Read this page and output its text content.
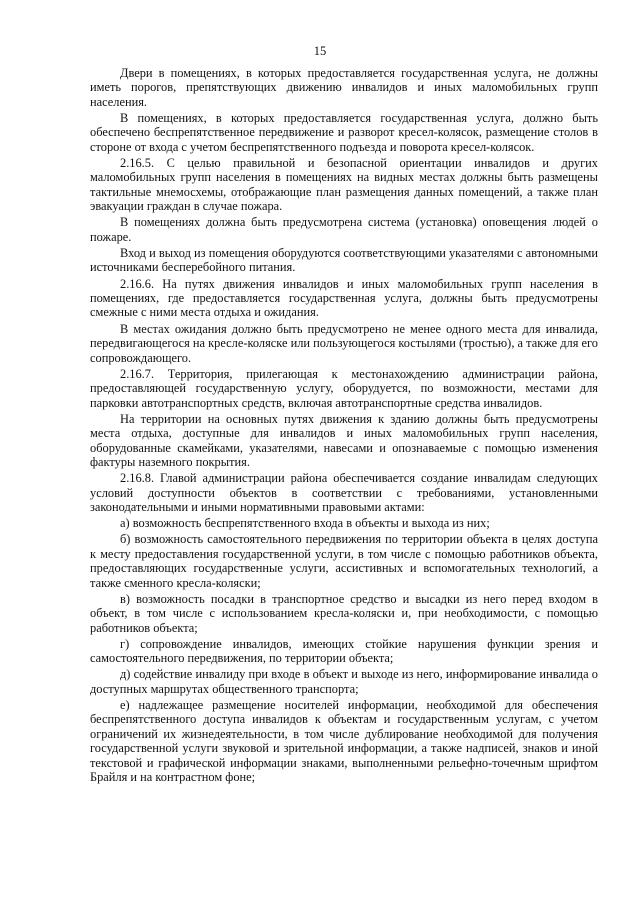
15

Двери в помещениях, в которых предоставляется государственная услуга, не должны иметь порогов, препятствующих движению инвалидов и иных маломобильных групп населения.

В помещениях, в которых предоставляется государственная услуга, должно быть обеспечено беспрепятственное передвижение и разворот кресел-колясок, размещение столов в стороне от входа с учетом беспрепятственного подъезда и поворота кресел-колясок.

2.16.5. С целью правильной и безопасной ориентации инвалидов и других маломобильных групп населения в помещениях на видных местах должны быть размещены тактильные мнемосхемы, отображающие план размещения данных помещений, а также план эвакуации граждан в случае пожара.

В помещениях должна быть предусмотрена система (установка) оповещения людей о пожаре.

Вход и выход из помещения оборудуются соответствующими указателями с автономными источниками бесперебойного питания.

2.16.6. На путях движения инвалидов и иных маломобильных групп населения в помещениях, где предоставляется государственная услуга, должны быть предусмотрены смежные с ними места отдыха и ожидания.

В местах ожидания должно быть предусмотрено не менее одного места для инвалида, передвигающегося на кресле-коляске или пользующегося костылями (тростью), а также для его сопровождающего.

2.16.7. Территория, прилегающая к местонахождению администрации района, предоставляющей государственную услугу, оборудуется, по возможности, местами для парковки автотранспортных средств, включая автотранспортные средства инвалидов.

На территории на основных путях движения к зданию должны быть предусмотрены места отдыха, доступные для инвалидов и иных маломобильных групп населения, оборудованные скамейками, указателями, навесами и опознаваемые с помощью изменения фактуры наземного покрытия.

2.16.8. Главой администрации района обеспечивается создание инвалидам следующих условий доступности объектов в соответствии с требованиями, установленными законодательными и иными нормативными правовыми актами:

а) возможность беспрепятственного входа в объекты и выхода из них;

б) возможность самостоятельного передвижения по территории объекта в целях доступа к месту предоставления государственной услуги, в том числе с помощью работников объекта, предоставляющих государственные услуги, ассистивных и вспомогательных технологий, а также сменного кресла-коляски;

в) возможность посадки в транспортное средство и высадки из него перед входом в объект, в том числе с использованием кресла-коляски и, при необходимости, с помощью работников объекта;

г) сопровождение инвалидов, имеющих стойкие нарушения функции зрения и самостоятельного передвижения, по территории объекта;

д) содействие инвалиду при входе в объект и выходе из него, информирование инвалида о доступных маршрутах общественного транспорта;

е) надлежащее размещение носителей информации, необходимой для обеспечения беспрепятственного доступа инвалидов к объектам и государственным услугам, с учетом ограничений их жизнедеятельности, в том числе дублирование необходимой для получения государственной услуги звуковой и зрительной информации, а также надписей, знаков и иной текстовой и графической информации знаками, выполненными рельефно-точечным шрифтом Брайля и на контрастном фоне;
